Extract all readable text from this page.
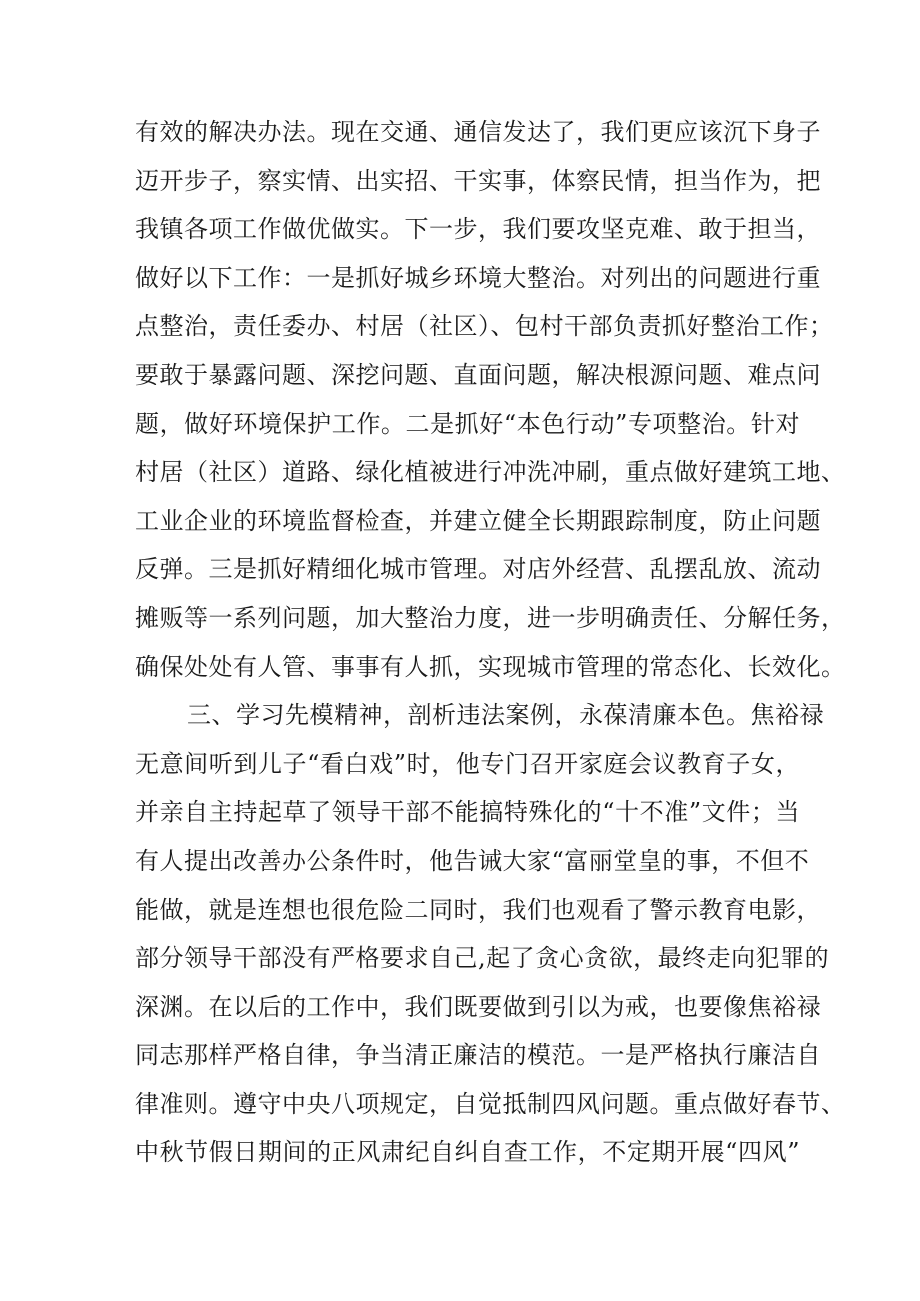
有效的解决办法。现在交通、通信发达了，我们更应该沉下身子
迈开步子，察实情、出实招、干实事，体察民情，担当作为，把
我镇各项工作做优做实。下一步，我们要攻坚克难、敢于担当，
做好以下工作：一是抓好城乡环境大整治。对列出的问题进行重
点整治，责任委办、村居（社区）、包村干部负责抓好整治工作；
要敢于暴露问题、深挖问题、直面问题，解决根源问题、难点问
题，做好环境保护工作。二是抓好“本色行动”专项整治。针对
村居（社区）道路、绿化植被进行冲洗冲刷，重点做好建筑工地、
工业企业的环境监督检查，并建立健全长期跟踪制度，防止问题
反弹。三是抓好精细化城市管理。对店外经营、乱摆乱放、流动
摊贩等一系列问题，加大整治力度，进一步明确责任、分解任务，
确保处处有人管、事事有人抓，实现城市管理的常态化、长效化。
三、学习先模精神，剖析违法案例，永葆清廉本色。焦裕禄
无意间听到儿子“看白戏”时，他专门召开家庭会议教育子女，
并亲自主持起草了领导干部不能搞特殊化的“十不准”文件；当
有人提出改善办公条件时，他告诫大家“富丽堂皇的事，不但不
能做，就是连想也很危险二同时，我们也观看了警示教育电影，
部分领导干部没有严格要求自己,起了贪心贪欲，最终走向犯罪的
深渊。在以后的工作中，我们既要做到引以为戒，也要像焦裕禄
同志那样严格自律，争当清正廉洁的模范。一是严格执行廉洁自
律准则。遵守中央八项规定，自觉抵制四风问题。重点做好春节、
中秋节假日期间的正风肃纪自纠自查工作，不定期开展“四风”
